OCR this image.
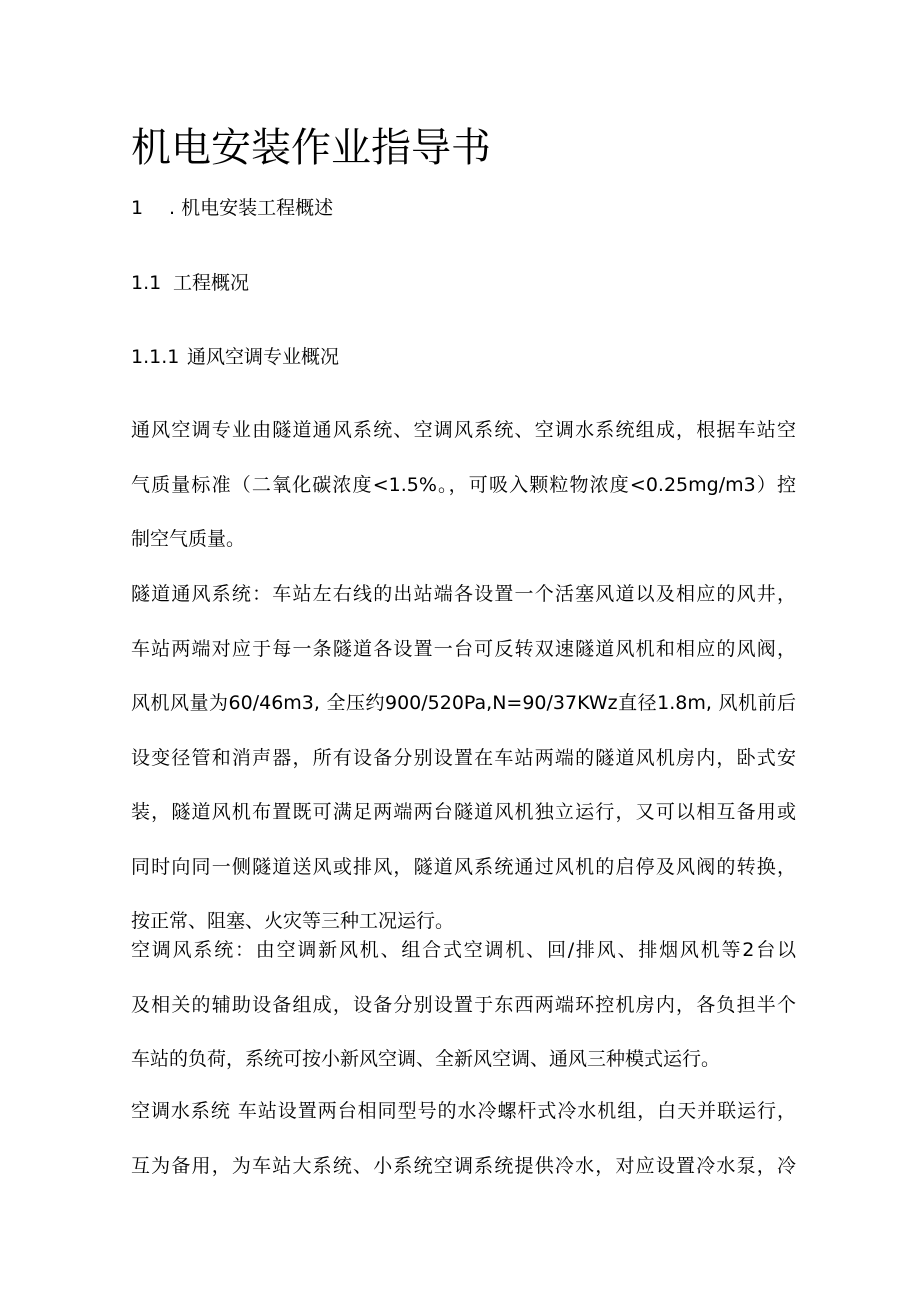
机电安装作业指导书
1 . 机电安装工程概述
1.1 工程概况
1.1.1 通风空调专业概况
通风空调专业由隧道通风系统、空调风系统、空调水系统组成，根据车站空
气质量标准（二氧化碳浓度<1.5%。，可吸入颗粒物浓度<0.25mg∕m3）控
制空气质量。
隧道通风系统：车站左右线的出站端各设置一个活塞风道以及相应的风井，
车站两端对应于每一条隧道各设置一台可反转双速隧道风机和相应的风阀，
风机风量为60∕46m3, 全压约900∕520Pa,N=90∕37KWz直径1.8m, 风机前后
设变径管和消声器，所有设备分别设置在车站两端的隧道风机房内，卧式安
装，隧道风机布置既可满足两端两台隧道风机独立运行，又可以相互备用或
同时向同一侧隧道送风或排风，隧道风系统通过风机的启停及风阀的转换，
按正常、阻塞、火灾等三种工况运行。
空调风系统：由空调新风机、组合式空调机、回/排风、排烟风机等2台以
及相关的辅助设备组成，设备分别设置于东西两端环控机房内，各负担半个
车站的负荷，系统可按小新风空调、全新风空调、通风三种模式运行。
空调水系统 车站设置两台相同型号的水冷螺杆式冷水机组，白天并联运行，
互为备用，为车站大系统、小系统空调系统提供冷水，对应设置冷水泵，冷
